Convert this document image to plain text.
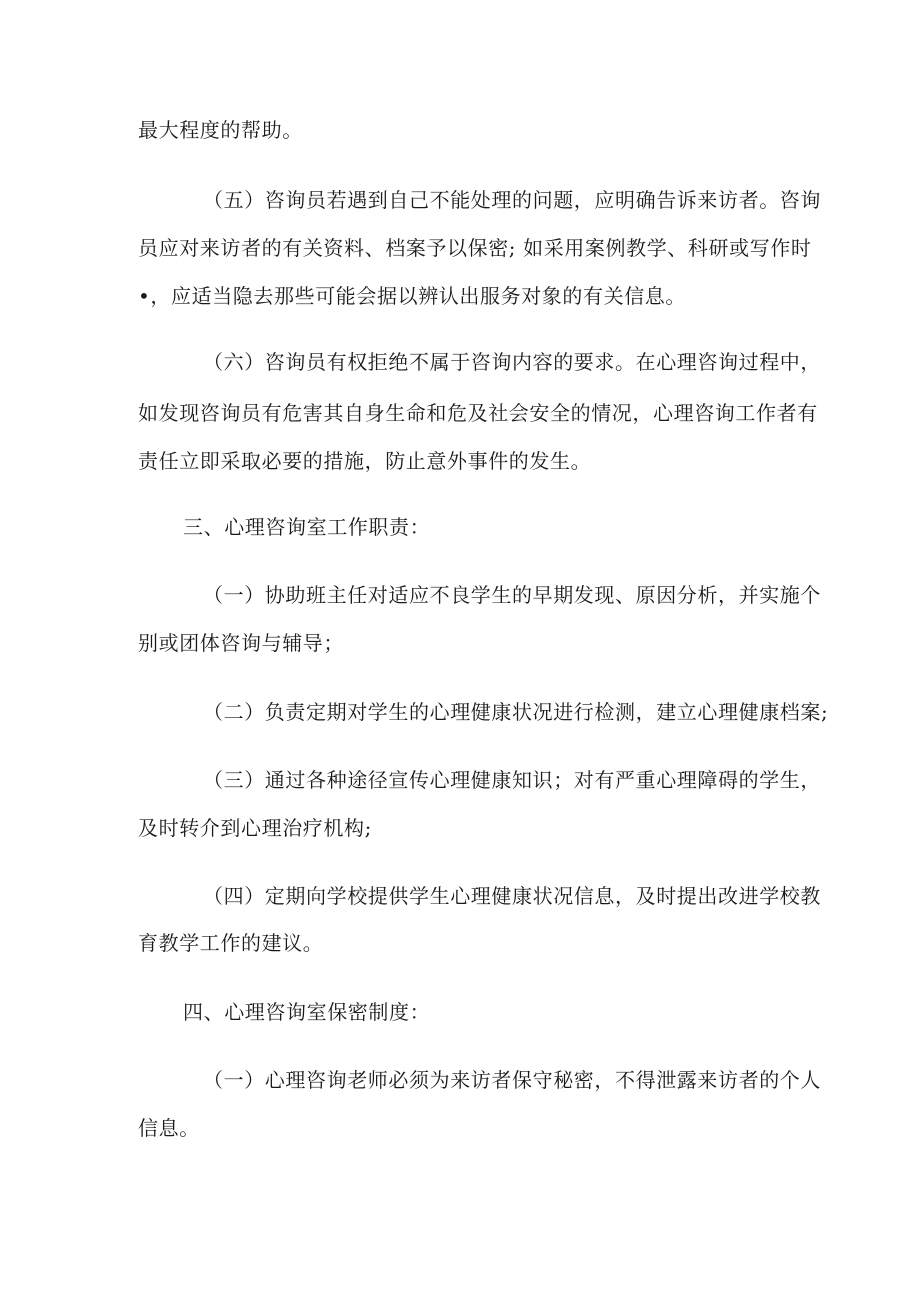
最大程度的帮助。
（五）咨询员若遇到自己不能处理的问题，应明确告诉来访者。咨询
员应对来访者的有关资料、档案予以保密; 如采用案例教学、科研或写作时
•，应适当隐去那些可能会据以辨认出服务对象的有关信息。
（六）咨询员有权拒绝不属于咨询内容的要求。在心理咨询过程中，
如发现咨询员有危害其自身生命和危及社会安全的情况，心理咨询工作者有
责任立即采取必要的措施，防止意外事件的发生。
三、心理咨询室工作职责：
（一）协助班主任对适应不良学生的早期发现、原因分析，并实施个
别或团体咨询与辅导；
（二）负责定期对学生的心理健康状况进行检测，建立心理健康档案;
（三）通过各种途径宣传心理健康知识；对有严重心理障碍的学生，
及时转介到心理治疗机构;
（四）定期向学校提供学生心理健康状况信息，及时提出改进学校教
育教学工作的建议。
四、心理咨询室保密制度：
（一）心理咨询老师必须为来访者保守秘密，不得泄露来访者的个人
信息。
